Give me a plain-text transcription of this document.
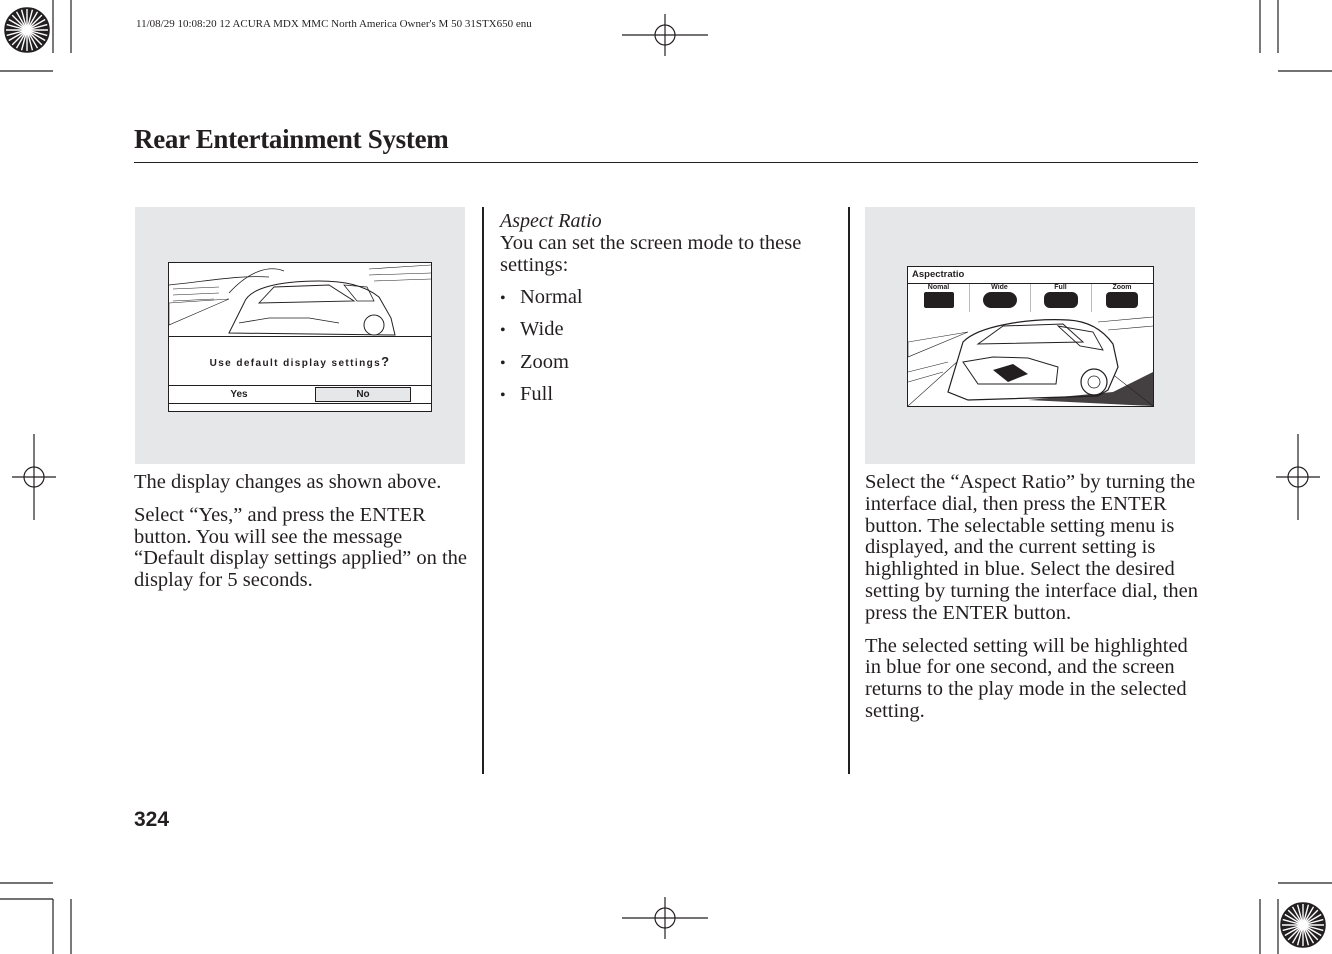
11/08/29 10:08:20 12 ACURA MDX MMC North America Owner's M 50 31STX650 enu
Rear Entertainment System
Use default display settings?
Yes	No

The display changes as shown above.

Select “Yes,” and press the ENTER button. You will see the message “Default display settings applied” on the display for 5 seconds.

Aspect Ratio
You can set the screen mode to these settings:
• Normal
• Wide
• Zoom
• Full
Aspectratio
Nomal	Wide	Full	Zoom

Select the “Aspect Ratio” by turning the interface dial, then press the ENTER button. The selectable setting menu is displayed, and the current setting is highlighted in blue. Select the desired setting by turning the interface dial, then press the ENTER button.

The selected setting will be highlighted in blue for one second, and the screen returns to the play mode in the selected setting.

324
